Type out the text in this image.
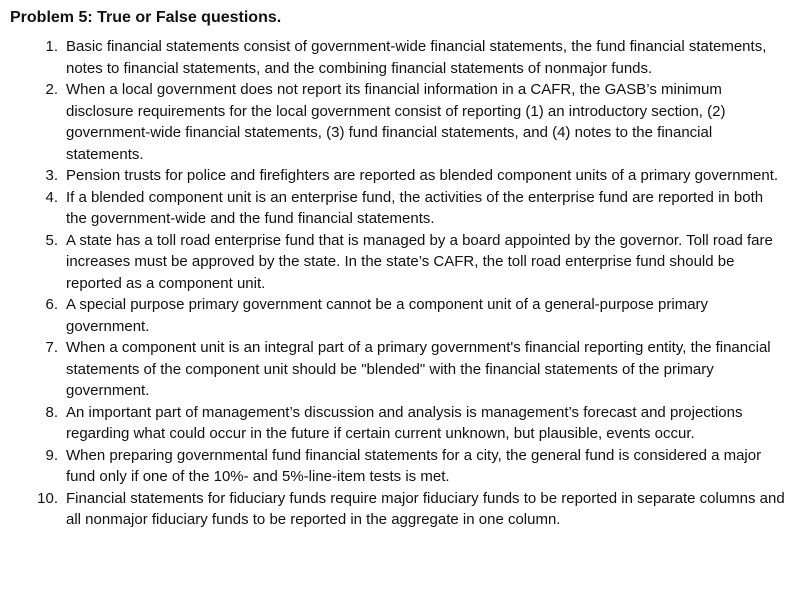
Problem 5: True or False questions.
1. Basic financial statements consist of government-wide financial statements, the fund financial statements, notes to financial statements, and the combining financial statements of nonmajor funds.
2. When a local government does not report its financial information in a CAFR, the GASB’s minimum disclosure requirements for the local government consist of reporting (1) an introductory section, (2) government-wide financial statements, (3) fund financial statements, and (4) notes to the financial statements.
3. Pension trusts for police and firefighters are reported as blended component units of a primary government.
4. If a blended component unit is an enterprise fund, the activities of the enterprise fund are reported in both the government-wide and the fund financial statements.
5. A state has a toll road enterprise fund that is managed by a board appointed by the governor. Toll road fare increases must be approved by the state. In the state’s CAFR, the toll road enterprise fund should be reported as a component unit.
6. A special purpose primary government cannot be a component unit of a general-purpose primary government.
7. When a component unit is an integral part of a primary government's financial reporting entity, the financial statements of the component unit should be "blended" with the financial statements of the primary government.
8. An important part of management’s discussion and analysis is management’s forecast and projections regarding what could occur in the future if certain current unknown, but plausible, events occur.
9. When preparing governmental fund financial statements for a city, the general fund is considered a major fund only if one of the 10%- and 5%-line-item tests is met.
10. Financial statements for fiduciary funds require major fiduciary funds to be reported in separate columns and all nonmajor fiduciary funds to be reported in the aggregate in one column.
